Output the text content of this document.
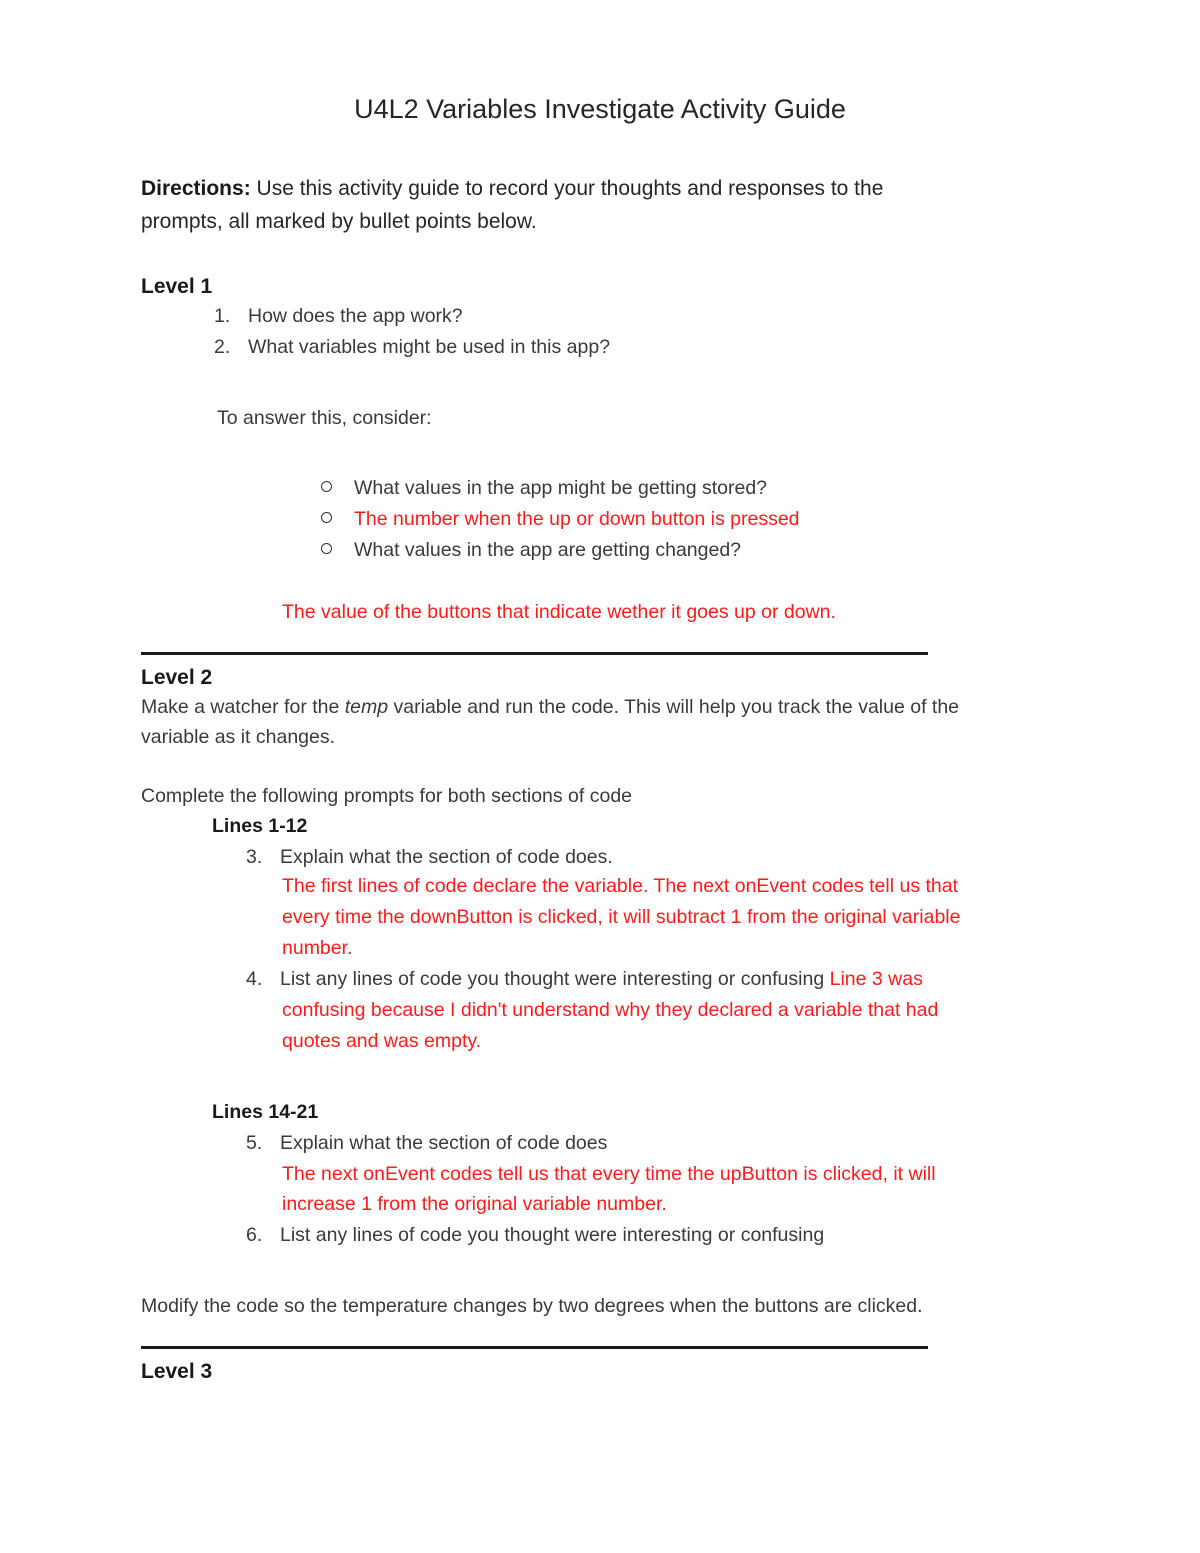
U4L2 Variables Investigate Activity Guide
Directions: Use this activity guide to record your thoughts and responses to the
prompts, all marked by bullet points below.
Level 1
1. How does the app work?
2. What variables might be used in this app?
To answer this, consider:
What values in the app might be getting stored?
The number when the up or down button is pressed
What values in the app are getting changed?
The value of the buttons that indicate wether it goes up or down.
Level 2
Make a watcher for the temp variable and run the code. This will help you track the value of the
variable as it changes.
Complete the following prompts for both sections of code
Lines 1-12
3. Explain what the section of code does.
The first lines of code declare the variable. The next onEvent codes tell us that
every time the downButton is clicked, it will subtract 1 from the original variable
number.
4. List any lines of code you thought were interesting or confusing Line 3 was
confusing because I didn't understand why they declared a variable that had
quotes and was empty.
Lines 14-21
5. Explain what the section of code does
The next onEvent codes tell us that every time the upButton is clicked, it will
increase 1 from the original variable number.
6. List any lines of code you thought were interesting or confusing
Modify the code so the temperature changes by two degrees when the buttons are clicked.
Level 3
